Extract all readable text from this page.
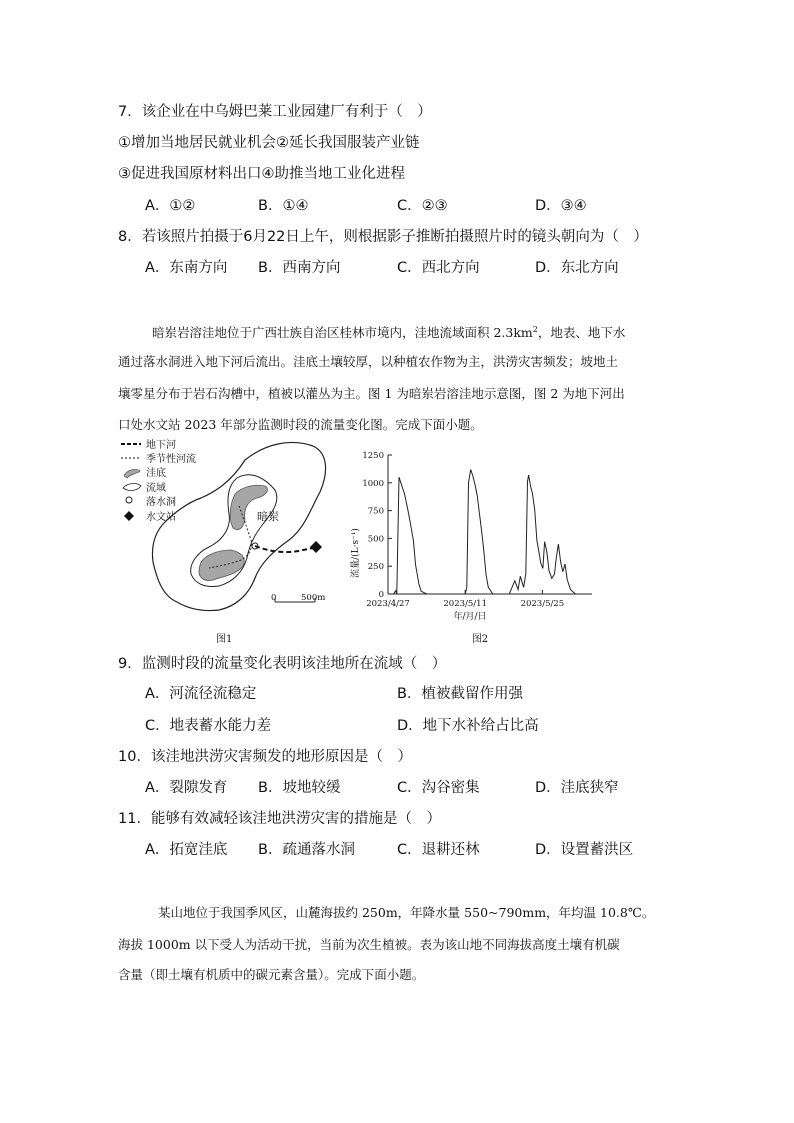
7．该企业在中乌姆巴莱工业园建厂有利于（　）
①增加当地居民就业机会②延长我国服装产业链
③促进我国原材料出口④助推当地工业化进程
A．①②	B．①④	C．②③	D．③④
8．若该照片拍摄于6月22日上午，则根据影子推断拍摄照片时的镜头朝向为（　）
A．东南方向 B．西南方向	C．西北方向	D．东北方向
暗岽岩溶洼地位于广西壮族自治区桂林市境内，洼地流域面积 $2.3km^2$，地表、地下水
通过落水洞进入地下河后流出。洼底土壤较厚，以种植农作物为主，洪涝灾害频发；坡地土
壤零星分布于岩石沟槽中，植被以灌丛为主。图 1 为暗岽岩溶洼地示意图，图 2 为地下河出
口处水文站 2023 年部分监测时段的流量变化图。完成下面小题。
暗岽
0	500m
地下河
季节性河流
洼底
流域
落水洞
水文站
图1
0
250
500
750
1000
1250
2023/4/27	2023/5/11	2023/5/25
流量/(L·s⁻¹)
年/月/日
图2
9．监测时段的流量变化表明该洼地所在流域（　）
A．河流径流稳定	B．植被截留作用强
C．地表蓄水能力差	D．地下水补给占比高
10．该洼地洪涝灾害频发的地形原因是（　）
A．裂隙发育 B．坡地较缓	C．沟谷密集	D．洼底狭窄
11．能够有效减轻该洼地洪涝灾害的措施是（　）
A．拓宽洼底 B．疏通落水洞	C．退耕还林	D．设置蓄洪区
某山地位于我国季风区，山麓海拔约 250m，年降水量 550~790mm，年均温 10.8℃。
海拔 1000m 以下受人为活动干扰，当前为次生植被。表为该山地不同海拔高度土壤有机碳
含量（即土壤有机质中的碳元素含量）。完成下面小题。
